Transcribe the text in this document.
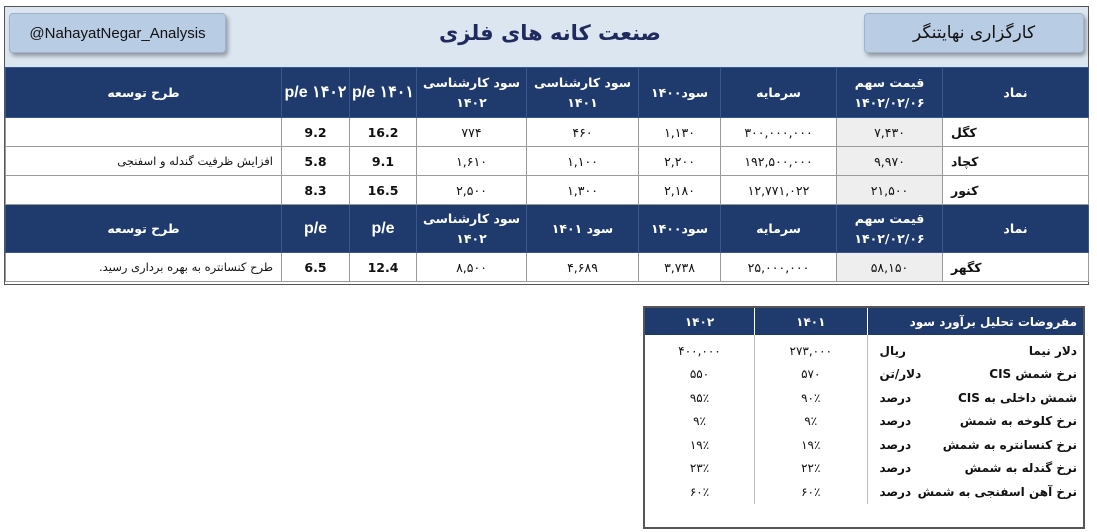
@NahayatNegar_Analysis	صنعت کانه های فلزی	کارگزاری نهایتنگر
نماد	قیمت سهم ۱۴۰۲/۰۲/۰۶	سرمایه	سود۱۴۰۰	سود کارشناسی ۱۴۰۱	سود کارشناسی ۱۴۰۲	p/e ۱۴۰۱	p/e ۱۴۰۲	طرح توسعه
کگل	۷,۴۳۰	۳۰۰,۰۰۰,۰۰۰	۱,۱۳۰	۴۶۰	۷۷۴	16.2	9.2	
کچاد	۹,۹۷۰	۱۹۲,۵۰۰,۰۰۰	۲,۲۰۰	۱,۱۰۰	۱,۶۱۰	9.1	5.8	افزایش ظرفیت گندله و اسفنجی
کنور	۲۱,۵۰۰	۱۲,۷۷۱,۰۲۲	۲,۱۸۰	۱,۳۰۰	۲,۵۰۰	16.5	8.3	
نماد	قیمت سهم ۱۴۰۲/۰۲/۰۶	سرمایه	سود۱۴۰۰	سود ۱۴۰۱	سود کارشناسی ۱۴۰۲	p/e	p/e	طرح توسعه
کگهر	۵۸,۱۵۰	۲۵,۰۰۰,۰۰۰	۳,۷۳۸	۴,۶۸۹	۸,۵۰۰	12.4	6.5	طرح کنسانتره به بهره برداری رسید.
مفروضات تحلیل برآورد سود		۱۴۰۱	۱۴۰۲
دلار نیما	ریال	۲۷۳,۰۰۰	۴۰۰,۰۰۰
نرخ شمش CIS	دلار/تن	۵۷۰	۵۵۰
شمش داخلی به CIS	درصد	۹۰٪	۹۵٪
نرخ کلوخه به شمش	درصد	۹٪	۹٪
نرخ کنسانتره به شمش	درصد	۱۹٪	۱۹٪
نرخ گندله به شمش	درصد	۲۲٪	۲۳٪
نرخ آهن اسفنجی به شمش	درصد	۶۰٪	۶۰٪
